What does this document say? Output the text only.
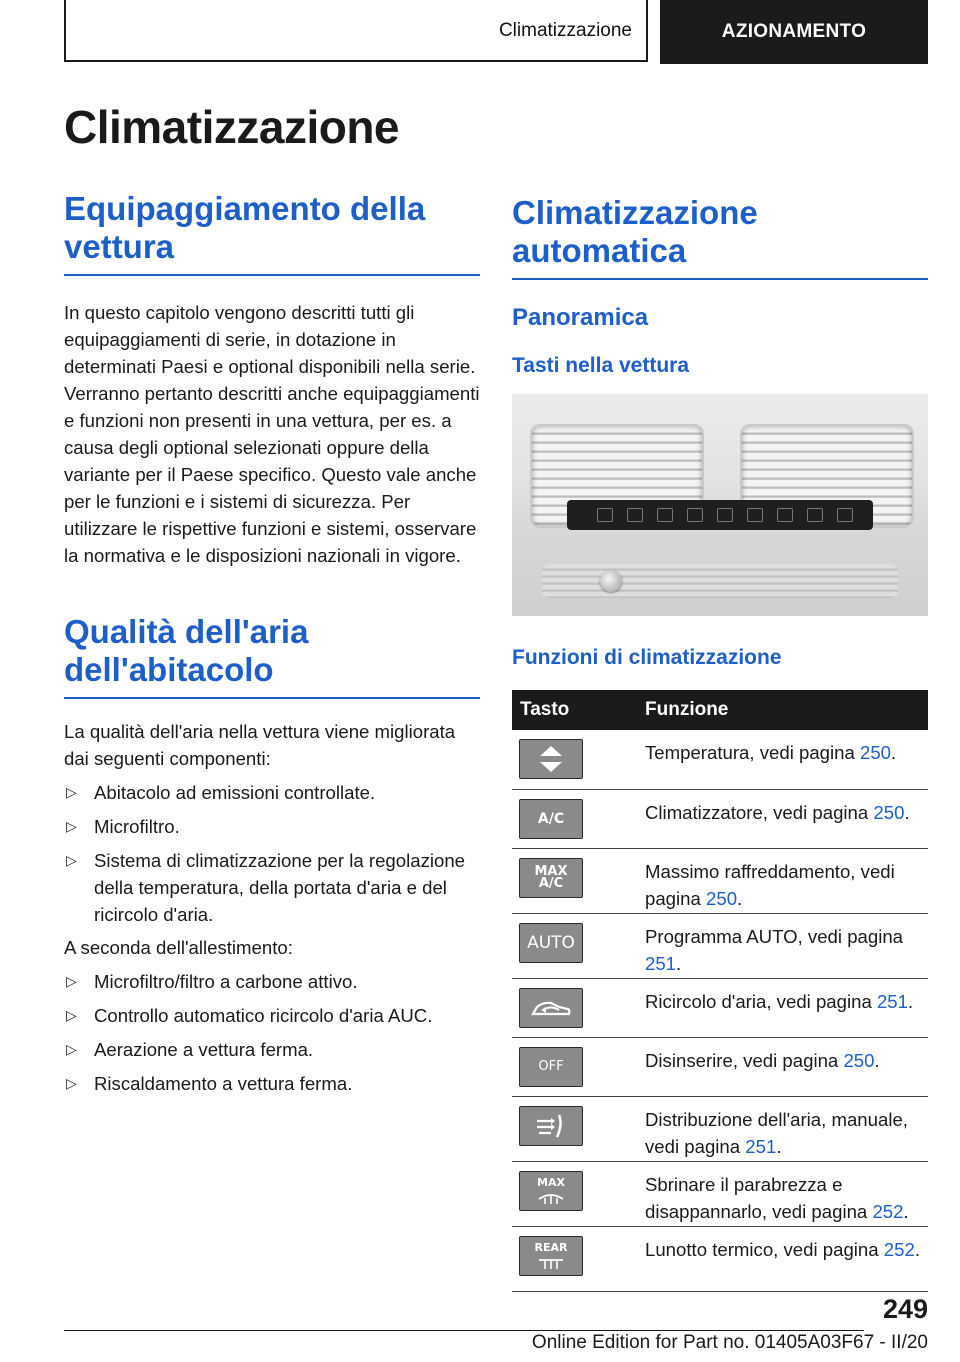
Climatizzazione	AZIONAMENTO
Climatizzazione
Equipaggiamento della vettura

In questo capitolo vengono descritti tutti gli equipaggiamenti di serie, in dotazione in determinati Paesi e optional disponibili nella serie. Verranno pertanto descritti anche equipaggiamenti e funzioni non presenti in una vettura, per es. a causa degli optional selezionati oppure della variante per il Paese specifico. Questo vale anche per le funzioni e i sistemi di sicurezza. Per utilizzare le rispettive funzioni e sistemi, osservare la normativa e le disposizioni nazionali in vigore.

Qualità dell'aria dell'abitacolo

La qualità dell'aria nella vettura viene migliorata dai seguenti componenti:

▷ Abitacolo ad emissioni controllate.
▷ Microfiltro.
▷ Sistema di climatizzazione per la regolazione della temperatura, della portata d'aria e del ricircolo d'aria.

A seconda dell'allestimento:

▷ Microfiltro/filtro a carbone attivo.
▷ Controllo automatico ricircolo d'aria AUC.
▷ Aerazione a vettura ferma.
▷ Riscaldamento a vettura ferma.
Climatizzazione automatica
Panoramica
Tasti nella vettura
Funzioni di climatizzazione
Tasto	Funzione

	Temperatura, vedi pagina 250.

A/C	Climatizzatore, vedi pagina 250.

MAX
A/C	Massimo raffreddamento, vedi pagina 250.

AUTO	Programma AUTO, vedi pagina 251.

	Ricircolo d'aria, vedi pagina 251.

OFF	Disinserire, vedi pagina 250.

	Distribuzione dell'aria, manuale, vedi pagina 251.

MAX	Sbrinare il parabrezza e disappannarlo, vedi pagina 252.

REAR	Lunotto termico, vedi pagina 252.
249
Online Edition for Part no. 01405A03F67 - II/20
